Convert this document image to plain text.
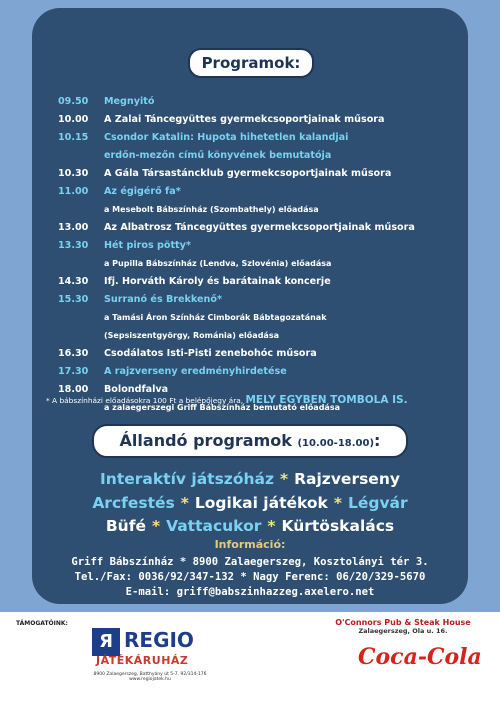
Programok:
09.50	Megnyitó
10.00	A Zalai Táncegyüttes gyermekcsoportjainak műsora
10.15	Csondor Katalin: Hupota hihetetlen kalandjai
erdőn-mezőn című könyvének bemutatója
10.30	A Gála Társastáncklub gyermekcsoportjainak műsora
11.00	Az égigérő fa*
a Mesebolt Bábszínház (Szombathely) előadása
13.00	Az Albatrosz Táncegyüttes gyermekcsoportjainak műsora
13.30	Hét piros pötty*
a Pupilla Bábszínház (Lendva, Szlovénia) előadása
14.30	Ifj. Horváth Károly és barátainak koncerje
15.30	Surranó és Brekkenő*
a Tamási Áron Színház Cimborák Bábtagozatának
(Sepsiszentgyörgy, Románia) előadása
16.30	Csodálatos Isti-Pisti zenebohóc műsora
17.30	A rajzverseny eredményhirdetése
18.00	Bolondfalva
a zalaegerszegi Griff Bábszínház bemutató előadása
* A bábszínházi előadásokra 100 Ft a belépőjegy ára, MELY EGYBEN TOMBOLA IS.
Állandó programok (10.00-18.00):
Interaktív játszóház * Rajzverseny
Arcfestés * Logikai játékok * Légvár
Büfé * Vattacukor * Kürtöskalács
Információ:
Griff Bábszínház * 8900 Zalaegerszeg, Kosztolányi tér 3.
Tel./Fax: 0036/92/347-132 * Nagy Ferenc: 06/20/329-5670
E-mail: griff@babszinhazzeg.axelero.net
TÁMOGATÓINK:
Я REGIO
JÁTÉKÁRUHÁZ
8900 Zalaegerszeg, Batthyány út 5-7. 92/314-176 www.regiojatek.hu
O'Connors Pub & Steak House
Zalaegerszeg, Ola u. 16.
Coca-Cola
